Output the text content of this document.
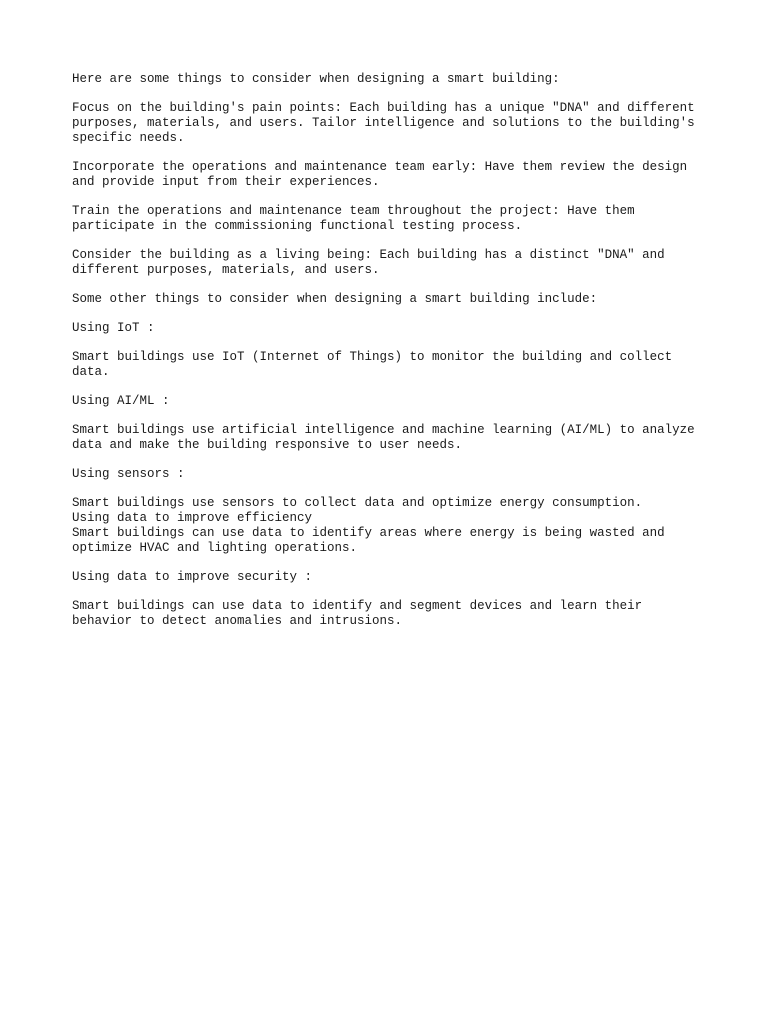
Here are some things to consider when designing a smart building:

Focus on the building's pain points: Each building has a unique "DNA" and different
purposes, materials, and users. Tailor intelligence and solutions to the building's
specific needs.

Incorporate the operations and maintenance team early: Have them review the design
and provide input from their experiences.

Train the operations and maintenance team throughout the project: Have them
participate in the commissioning functional testing process.

Consider the building as a living being: Each building has a distinct "DNA" and
different purposes, materials, and users.

Some other things to consider when designing a smart building include:

Using IoT :

Smart buildings use IoT (Internet of Things) to monitor the building and collect
data.

Using AI/ML :

Smart buildings use artificial intelligence and machine learning (AI/ML) to analyze
data and make the building responsive to user needs.

Using sensors :

Smart buildings use sensors to collect data and optimize energy consumption.
Using data to improve efficiency
Smart buildings can use data to identify areas where energy is being wasted and
optimize HVAC and lighting operations.

Using data to improve security :

Smart buildings can use data to identify and segment devices and learn their
behavior to detect anomalies and intrusions.
